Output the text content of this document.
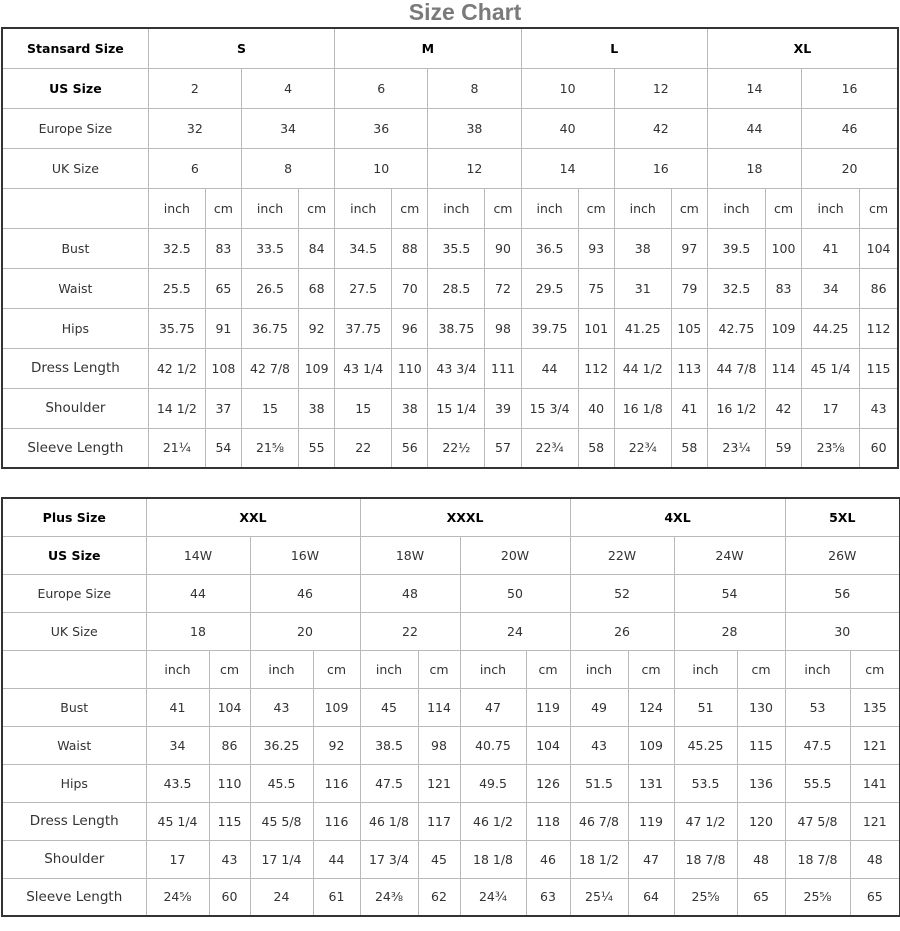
Size Chart
Stansard Size	S				M				L				XL			
US Size	2		4		6		8		10		12		14		16	
Europe Size	32		34		36		38		40		42		44		46	
UK Size	6		8		10		12		14		16		18		20	
	inch	cm	inch	cm	inch	cm	inch	cm	inch	cm	inch	cm	inch	cm	inch	cm
Bust	32.5	83	33.5	84	34.5	88	35.5	90	36.5	93	38	97	39.5	100	41	104
Waist	25.5	65	26.5	68	27.5	70	28.5	72	29.5	75	31	79	32.5	83	34	86
Hips	35.75	91	36.75	92	37.75	96	38.75	98	39.75	101	41.25	105	42.75	109	44.25	112
Dress Length	42 1/2	108	42 7/8	109	43 1/4	110	43 3/4	111	44	112	44 1/2	113	44 7/8	114	45 1/4	115
Shoulder	14 1/2	37	15	38	15	38	15 1/4	39	15 3/4	40	16 1/8	41	16 1/2	42	17	43
Sleeve Length	21¼	54	21⅝	55	22	56	22½	57	22¾	58	22¾	58	23¼	59	23⅝	60
Plus Size	XXL				XXXL				4XL				5XL	
US Size	14W		16W		18W		20W		22W		24W		26W	
Europe Size	44		46		48		50		52		54		56	
UK Size	18		20		22		24		26		28		30	
	inch	cm	inch	cm	inch	cm	inch	cm	inch	cm	inch	cm	inch	cm
Bust	41	104	43	109	45	114	47	119	49	124	51	130	53	135
Waist	34	86	36.25	92	38.5	98	40.75	104	43	109	45.25	115	47.5	121
Hips	43.5	110	45.5	116	47.5	121	49.5	126	51.5	131	53.5	136	55.5	141
Dress Length	45 1/4	115	45 5/8	116	46 1/8	117	46 1/2	118	46 7/8	119	47 1/2	120	47 5/8	121
Shoulder	17	43	17 1/4	44	17 3/4	45	18 1/8	46	18 1/2	47	18 7/8	48	18 7/8	48
Sleeve Length	24⅝	60	24	61	24⅜	62	24¾	63	25¼	64	25⅝	65	25⅝	65
